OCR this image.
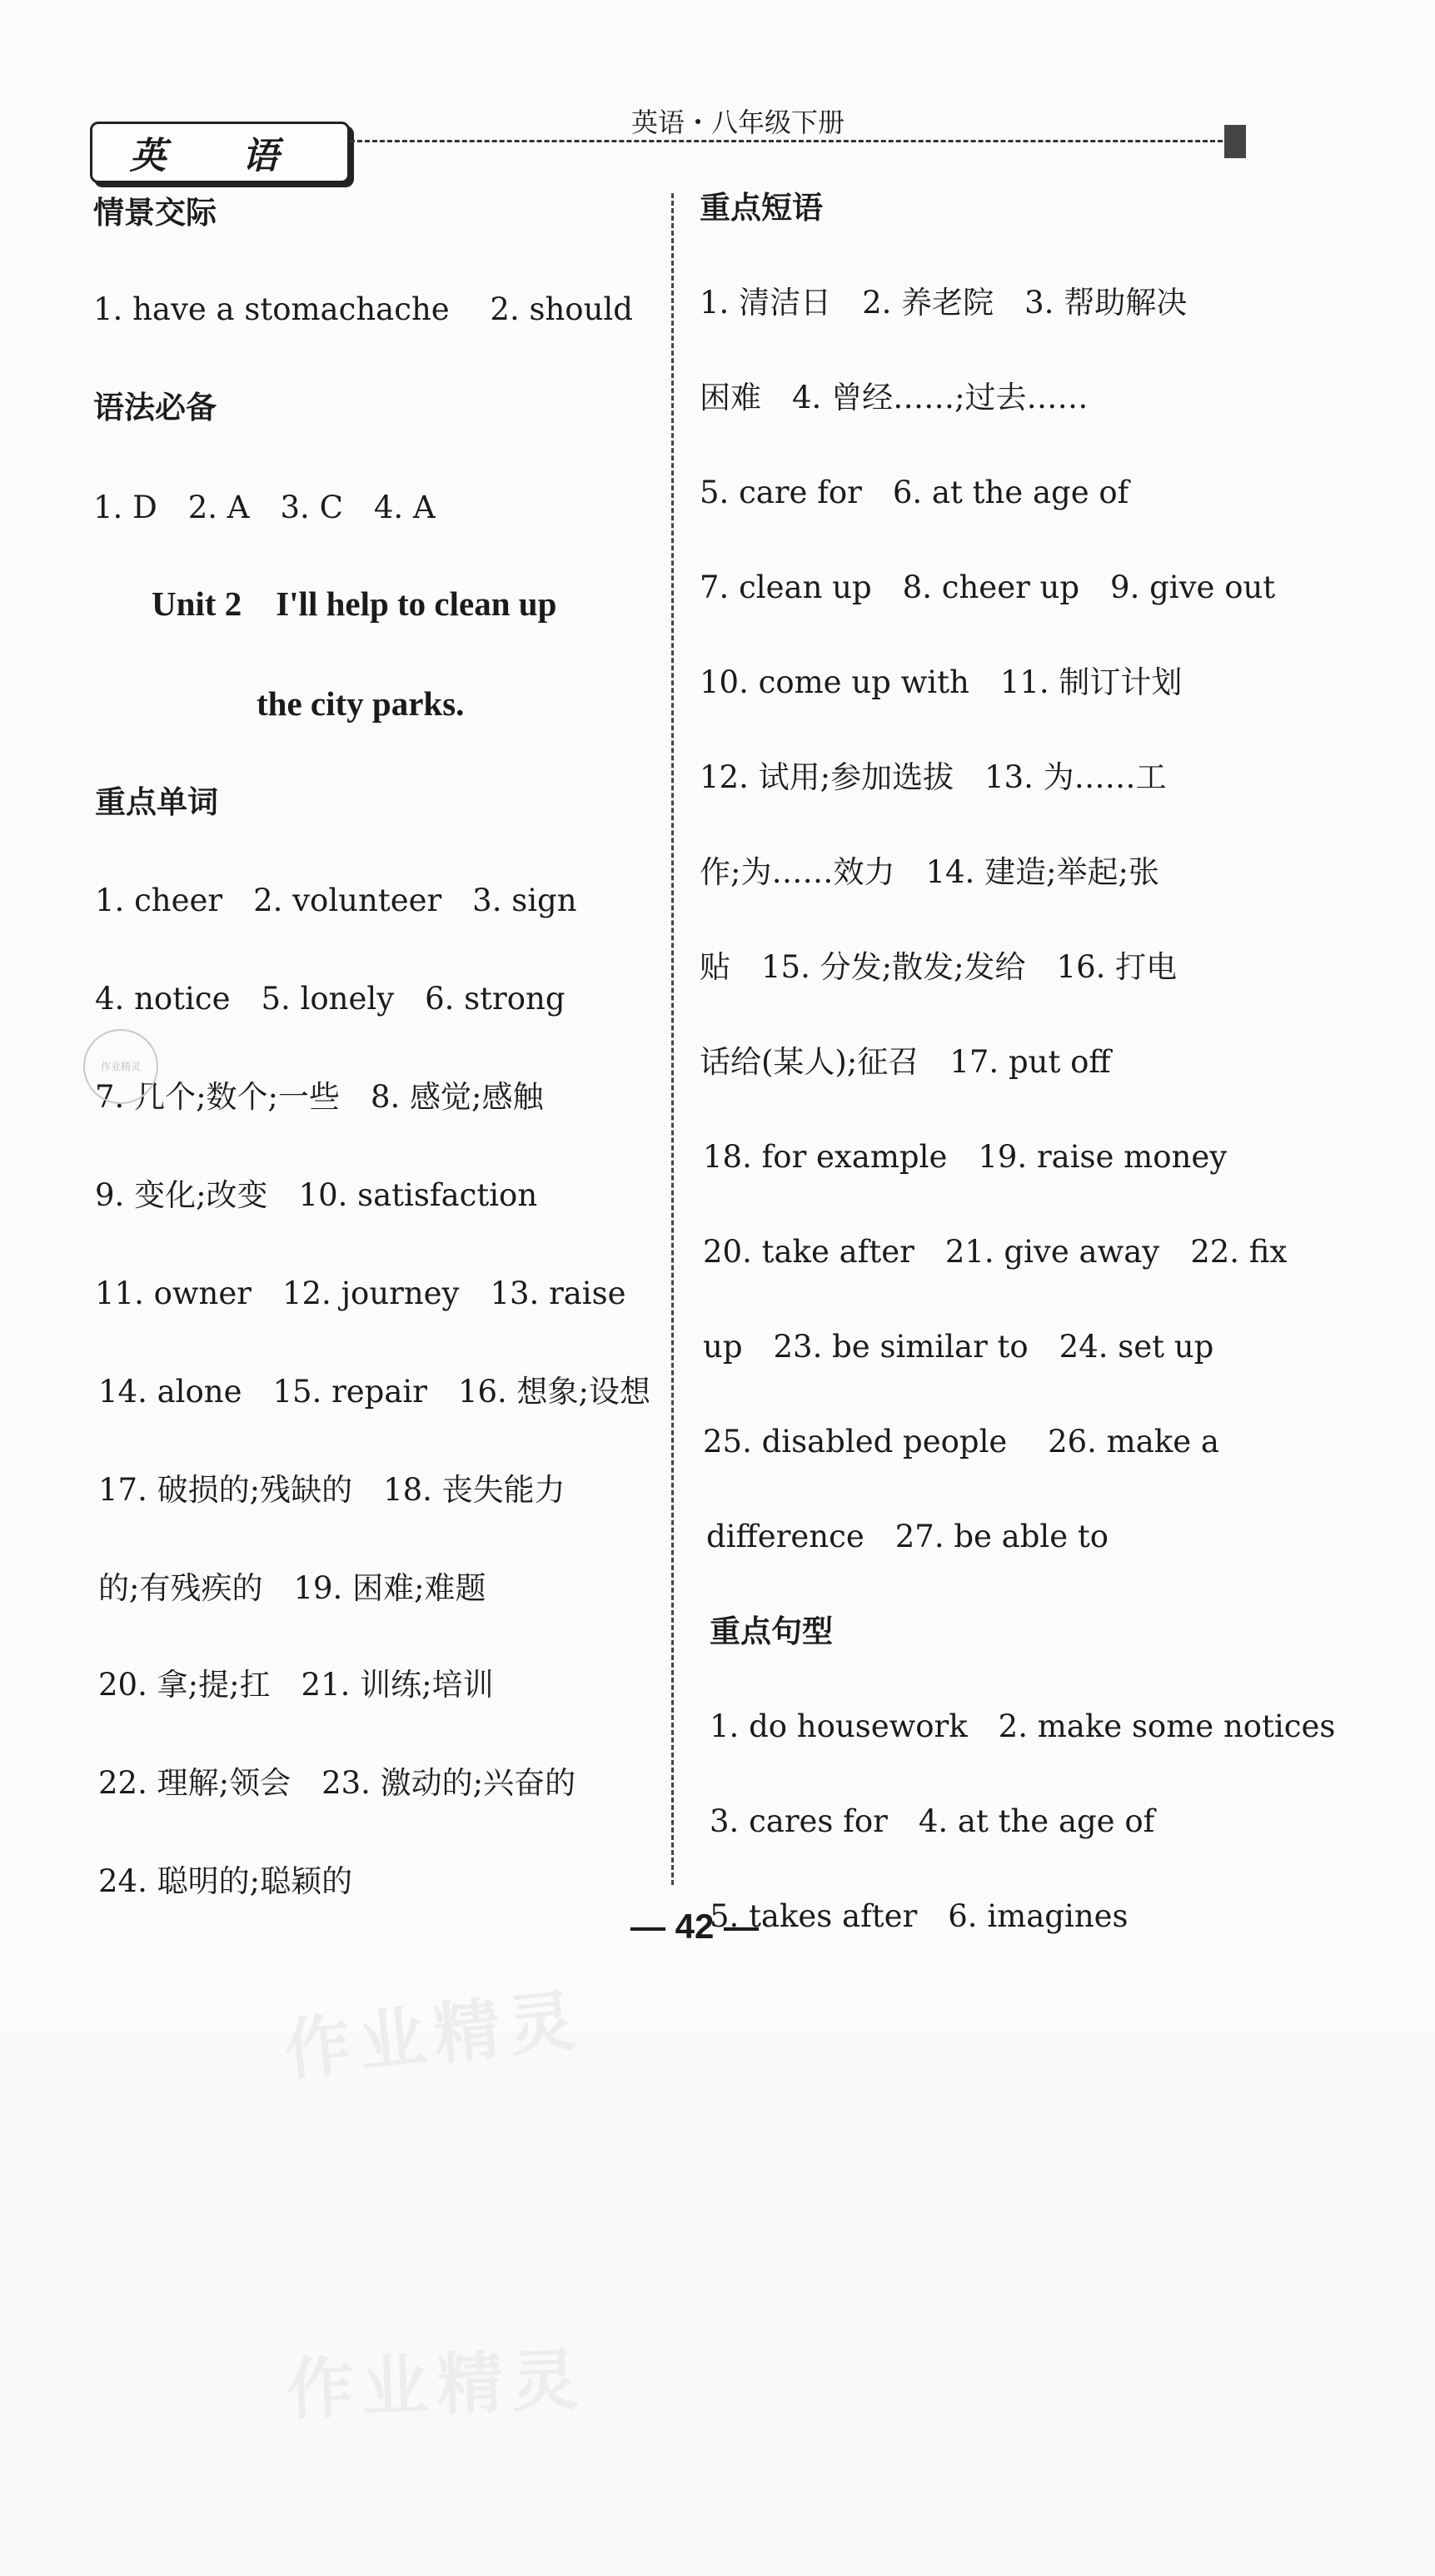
英 语
英语・八年级下册
情景交际
1. have a stomachache　 2. should
语法必备
1. D　2. A　3. C　4. A
Unit 2　I'll help to clean up
the city parks.
重点单词
1. cheer　2. volunteer　3. sign
4. notice　5. lonely　6. strong
7. 几个;数个;一些　8. 感觉;感触
9. 变化;改变　10. satisfaction
11. owner　12. journey　13. raise
14. alone　15. repair　16. 想象;设想
17. 破损的;残缺的　18. 丧失能力
的;有残疾的　19. 困难;难题
20. 拿;提;扛　21. 训练;培训
22. 理解;领会　23. 激动的;兴奋的
24. 聪明的;聪颖的
重点短语
1. 清洁日　2. 养老院　3. 帮助解决
困难　4. 曾经……;过去……
5. care for　6. at the age of
7. clean up　8. cheer up　9. give out
10. come up with　11. 制订计划
12. 试用;参加选拔　13. 为……工
作;为……效力　14. 建造;举起;张
贴　15. 分发;散发;发给　16. 打电
话给(某人);征召　17. put off
18. for example　19. raise money
20. take after　21. give away　22. fix
up　23. be similar to　24. set up
25. disabled people　 26. make a
difference　27. be able to
重点句型
1. do housework　2. make some notices
3. cares for　4. at the age of
5. takes after　6. imagines
— 42 —
作业精灵
作业精灵
作业精灵
